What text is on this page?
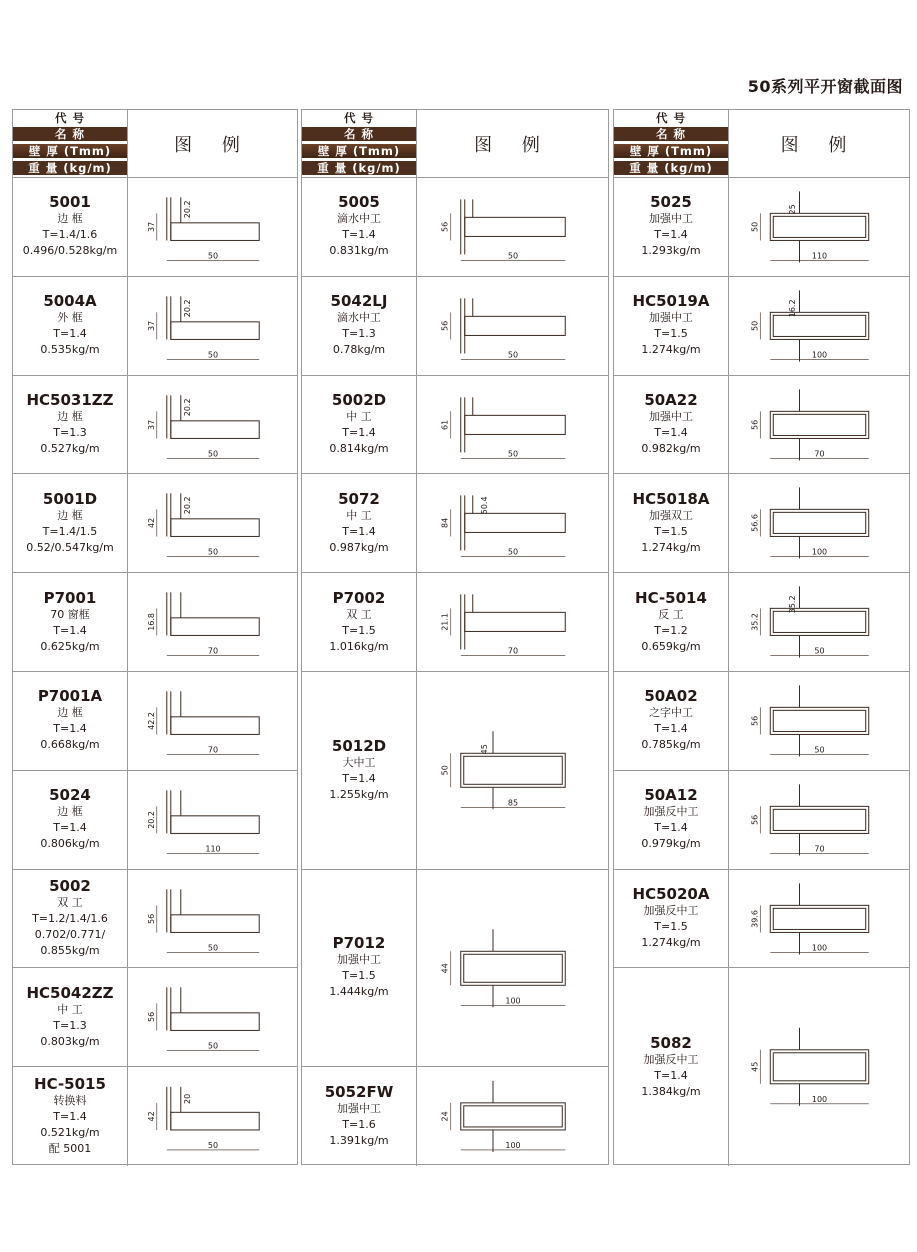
50系列平开窗截面图
代 号
名 称
壁 厚 (Tmm)
重 量 (kg/m)
图 例
5001
边 框
T=1.4/1.6
0.496/0.528kg/m	50
37
20.2
5004A
外 框
T=1.4
0.535kg/m	50
37
20.2
HC5031ZZ
边 框
T=1.3
0.527kg/m	50
37
20.2
5001D
边 框
T=1.4/1.5
0.52/0.547kg/m	50
42
20.2
P7001
70 窗框
T=1.4
0.625kg/m	70
16.8
P7001A
边 框
T=1.4
0.668kg/m	70
42.2
5024
边 框
T=1.4
0.806kg/m	110
20.2
5002
双 工
T=1.2/1.4/1.6
0.702/0.771/
0.855kg/m	50
56
HC5042ZZ
中 工
T=1.3
0.803kg/m	50
56
HC-5015
转换料
T=1.4
0.521kg/m
配 5001	50
42
20
代 号
名 称
壁 厚 (Tmm)
重 量 (kg/m)
图 例
5005
滴水中工
T=1.4
0.831kg/m	50
56
5042LJ
滴水中工
T=1.3
0.78kg/m	50
56
5002D
中 工
T=1.4
0.814kg/m	50
61
5072
中 工
T=1.4
0.987kg/m	50
84
50.4
P7002
双 工
T=1.5
1.016kg/m	70
21.1
5012D
大中工
T=1.4
1.255kg/m
85
50
45
P7012
加强中工
T=1.5
1.444kg/m
100
44
5052FW
加强中工
T=1.6
1.391kg/m	100
24
代 号
名 称
壁 厚 (Tmm)
重 量 (kg/m)
图 例
5025
加强中工
T=1.4
1.293kg/m	110
50
25
HC5019A
加强中工
T=1.5
1.274kg/m	100
50
16.2
50A22
加强中工
T=1.4
0.982kg/m	70
56
HC5018A
加强双工
T=1.5
1.274kg/m	100
56.6
HC-5014
反 工
T=1.2
0.659kg/m	50
35.2
35.2
50A02
之字中工
T=1.4
0.785kg/m	50
56
50A12
加强反中工
T=1.4
0.979kg/m	70
56
HC5020A
加强反中工
T=1.5
1.274kg/m	100
39.6
5082
加强反中工
T=1.4
1.384kg/m
100
45
